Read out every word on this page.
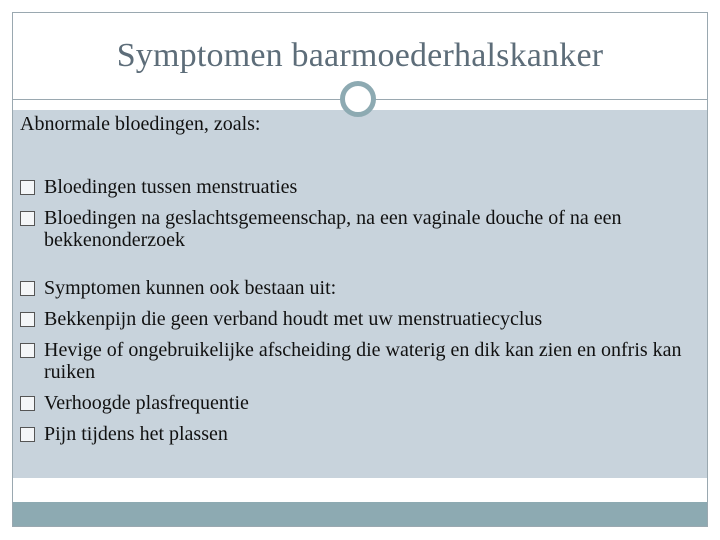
Symptomen baarmoederhalskanker
Abnormale bloedingen, zoals:
Bloedingen tussen menstruaties
Bloedingen na geslachtsgemeenschap, na een vaginale douche of na een bekkenonderzoek
Symptomen kunnen ook bestaan uit:
Bekkenpijn die geen verband houdt met uw menstruatiecyclus
Hevige of ongebruikelijke afscheiding die waterig en dik kan zien en onfris kan ruiken
Verhoogde plasfrequentie
Pijn tijdens het plassen
